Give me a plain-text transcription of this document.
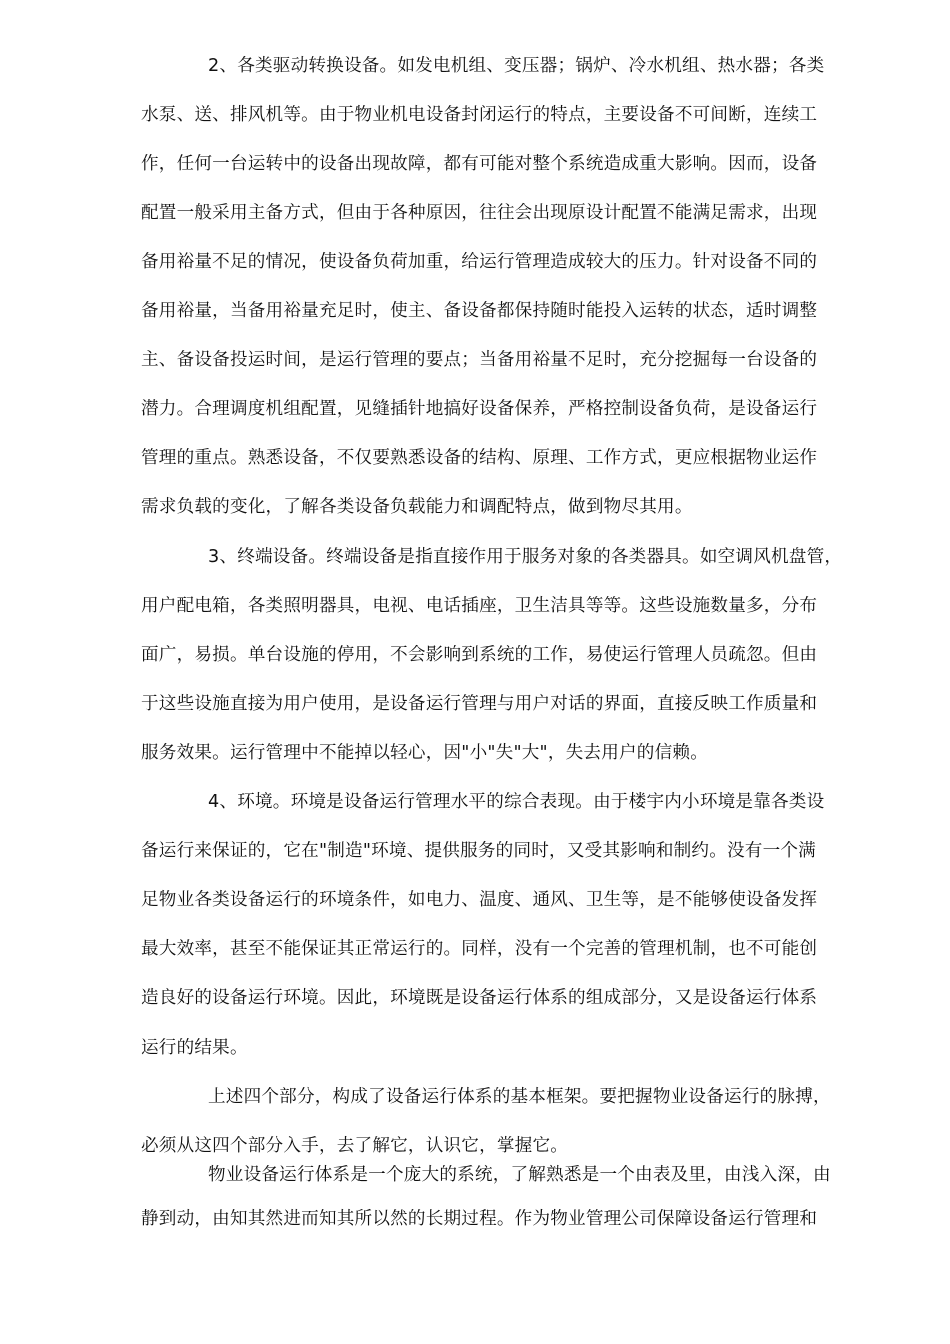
2、各类驱动转换设备。如发电机组、变压器；锅炉、冷水机组、热水器；各类
水泵、送、排风机等。由于物业机电设备封闭运行的特点，主要设备不可间断，连续工
作，任何一台运转中的设备出现故障，都有可能对整个系统造成重大影响。因而，设备
配置一般采用主备方式，但由于各种原因，往往会出现原设计配置不能满足需求，出现
备用裕量不足的情况，使设备负荷加重，给运行管理造成较大的压力。针对设备不同的
备用裕量，当备用裕量充足时，使主、备设备都保持随时能投入运转的状态，适时调整
主、备设备投运时间，是运行管理的要点；当备用裕量不足时，充分挖掘每一台设备的
潜力。合理调度机组配置，见缝插针地搞好设备保养，严格控制设备负荷，是设备运行
管理的重点。熟悉设备，不仅要熟悉设备的结构、原理、工作方式，更应根据物业运作
需求负载的变化，了解各类设备负载能力和调配特点，做到物尽其用。
3、终端设备。终端设备是指直接作用于服务对象的各类器具。如空调风机盘管，
用户配电箱，各类照明器具，电视、电话插座，卫生洁具等等。这些设施数量多，分布
面广，易损。单台设施的停用，不会影响到系统的工作，易使运行管理人员疏忽。但由
于这些设施直接为用户使用，是设备运行管理与用户对话的界面，直接反映工作质量和
服务效果。运行管理中不能掉以轻心，因"小"失"大"，失去用户的信赖。
4、环境。环境是设备运行管理水平的综合表现。由于楼宇内小环境是靠各类设
备运行来保证的，它在"制造"环境、提供服务的同时，又受其影响和制约。没有一个满
足物业各类设备运行的环境条件，如电力、温度、通风、卫生等，是不能够使设备发挥
最大效率，甚至不能保证其正常运行的。同样，没有一个完善的管理机制，也不可能创
造良好的设备运行环境。因此，环境既是设备运行体系的组成部分，又是设备运行体系
运行的结果。
上述四个部分，构成了设备运行体系的基本框架。要把握物业设备运行的脉搏，
必须从这四个部分入手，去了解它，认识它，掌握它。
物业设备运行体系是一个庞大的系统，了解熟悉是一个由表及里，由浅入深，由
静到动，由知其然进而知其所以然的长期过程。作为物业管理公司保障设备运行管理和
